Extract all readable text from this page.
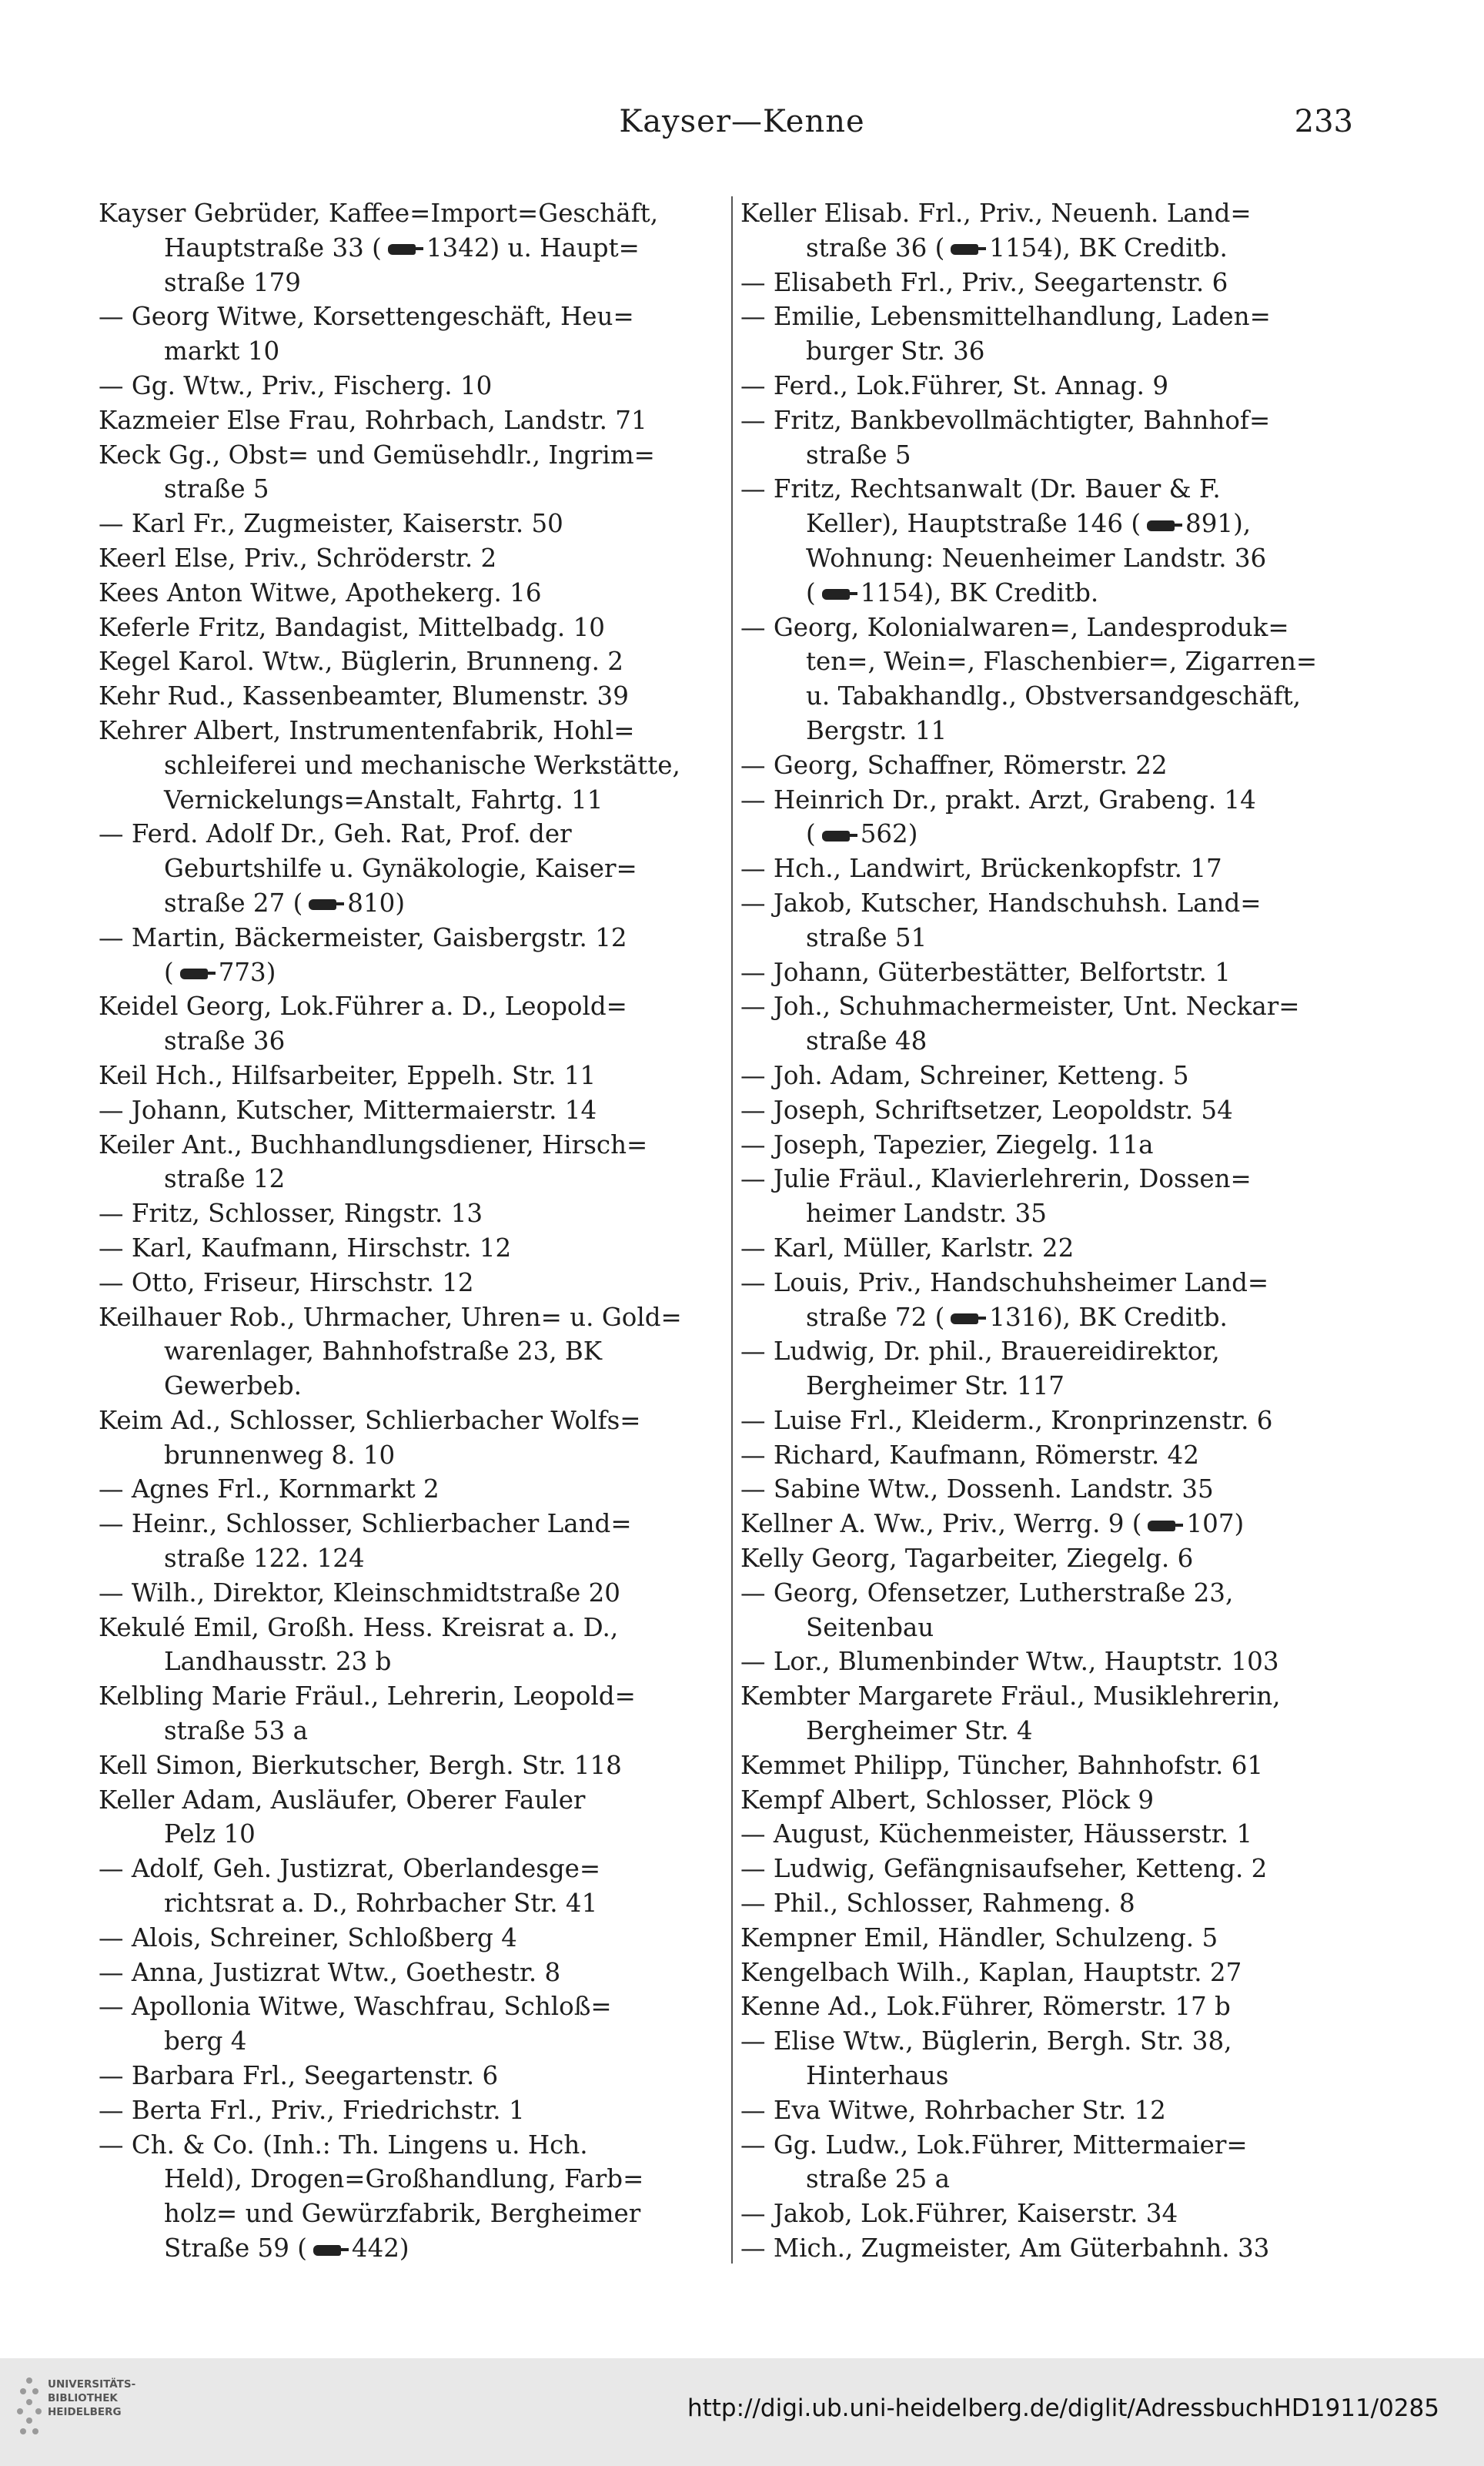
Kayser—Kenne	233
Kayser Gebrüder, Kaffee=Import=Geschäft,
Hauptstraße 33 ( 1342) u. Haupt=
straße 179
— Georg Witwe, Korsettengeschäft, Heu=
markt 10
— Gg. Wtw., Priv., Fischerg. 10
Kazmeier Else Frau, Rohrbach, Landstr. 71
Keck Gg., Obst= und Gemüsehdlr., Ingrim=
straße 5
— Karl Fr., Zugmeister, Kaiserstr. 50
Keerl Else, Priv., Schröderstr. 2
Kees Anton Witwe, Apothekerg. 16
Keferle Fritz, Bandagist, Mittelbadg. 10
Kegel Karol. Wtw., Büglerin, Brunneng. 2
Kehr Rud., Kassenbeamter, Blumenstr. 39
Kehrer Albert, Instrumentenfabrik, Hohl=
schleiferei und mechanische Werkstätte,
Vernickelungs=Anstalt, Fahrtg. 11
— Ferd. Adolf Dr., Geh. Rat, Prof. der
Geburtshilfe u. Gynäkologie, Kaiser=
straße 27 ( 810)
— Martin, Bäckermeister, Gaisbergstr. 12
( 773)
Keidel Georg, Lok.Führer a. D., Leopold=
straße 36
Keil Hch., Hilfsarbeiter, Eppelh. Str. 11
— Johann, Kutscher, Mittermaierstr. 14
Keiler Ant., Buchhandlungsdiener, Hirsch=
straße 12
— Fritz, Schlosser, Ringstr. 13
— Karl, Kaufmann, Hirschstr. 12
— Otto, Friseur, Hirschstr. 12
Keilhauer Rob., Uhrmacher, Uhren= u. Gold=
warenlager, Bahnhofstraße 23, BK
Gewerbeb.
Keim Ad., Schlosser, Schlierbacher Wolfs=
brunnenweg 8. 10
— Agnes Frl., Kornmarkt 2
— Heinr., Schlosser, Schlierbacher Land=
straße 122. 124
— Wilh., Direktor, Kleinschmidtstraße 20
Kekulé Emil, Großh. Hess. Kreisrat a. D.,
Landhausstr. 23 b
Kelbling Marie Fräul., Lehrerin, Leopold=
straße 53 a
Kell Simon, Bierkutscher, Bergh. Str. 118
Keller Adam, Ausläufer, Oberer Fauler
Pelz 10
— Adolf, Geh. Justizrat, Oberlandesge=
richtsrat a. D., Rohrbacher Str. 41
— Alois, Schreiner, Schloßberg 4
— Anna, Justizrat Wtw., Goethestr. 8
— Apollonia Witwe, Waschfrau, Schloß=
berg 4
— Barbara Frl., Seegartenstr. 6
— Berta Frl., Priv., Friedrichstr. 1
— Ch. & Co. (Inh.: Th. Lingens u. Hch.
Held), Drogen=Großhandlung, Farb=
holz= und Gewürzfabrik, Bergheimer
Straße 59 ( 442)
Keller Elisab. Frl., Priv., Neuenh. Land=
straße 36 ( 1154), BK Creditb.
— Elisabeth Frl., Priv., Seegartenstr. 6
— Emilie, Lebensmittelhandlung, Laden=
burger Str. 36
— Ferd., Lok.Führer, St. Annag. 9
— Fritz, Bankbevollmächtigter, Bahnhof=
straße 5
— Fritz, Rechtsanwalt (Dr. Bauer & F.
Keller), Hauptstraße 146 ( 891),
Wohnung: Neuenheimer Landstr. 36
( 1154), BK Creditb.
— Georg, Kolonialwaren=, Landesproduk=
ten=, Wein=, Flaschenbier=, Zigarren=
u. Tabakhandlg., Obstversandgeschäft,
Bergstr. 11
— Georg, Schaffner, Römerstr. 22
— Heinrich Dr., prakt. Arzt, Grabeng. 14
( 562)
— Hch., Landwirt, Brückenkopfstr. 17
— Jakob, Kutscher, Handschuhsh. Land=
straße 51
— Johann, Güterbestätter, Belfortstr. 1
— Joh., Schuhmachermeister, Unt. Neckar=
straße 48
— Joh. Adam, Schreiner, Ketteng. 5
— Joseph, Schriftsetzer, Leopoldstr. 54
— Joseph, Tapezier, Ziegelg. 11a
— Julie Fräul., Klavierlehrerin, Dossen=
heimer Landstr. 35
— Karl, Müller, Karlstr. 22
— Louis, Priv., Handschuhsheimer Land=
straße 72 ( 1316), BK Creditb.
— Ludwig, Dr. phil., Brauereidirektor,
Bergheimer Str. 117
— Luise Frl., Kleiderm., Kronprinzenstr. 6
— Richard, Kaufmann, Römerstr. 42
— Sabine Wtw., Dossenh. Landstr. 35
Kellner A. Ww., Priv., Werrg. 9 ( 107)
Kelly Georg, Tagarbeiter, Ziegelg. 6
— Georg, Ofensetzer, Lutherstraße 23,
Seitenbau
— Lor., Blumenbinder Wtw., Hauptstr. 103
Kembter Margarete Fräul., Musiklehrerin,
Bergheimer Str. 4
Kemmet Philipp, Tüncher, Bahnhofstr. 61
Kempf Albert, Schlosser, Plöck 9
— August, Küchenmeister, Häusserstr. 1
— Ludwig, Gefängnisaufseher, Ketteng. 2
— Phil., Schlosser, Rahmeng. 8
Kempner Emil, Händler, Schulzeng. 5
Kengelbach Wilh., Kaplan, Hauptstr. 27
Kenne Ad., Lok.Führer, Römerstr. 17 b
— Elise Wtw., Büglerin, Bergh. Str. 38,
Hinterhaus
— Eva Witwe, Rohrbacher Str. 12
— Gg. Ludw., Lok.Führer, Mittermaier=
straße 25 a
— Jakob, Lok.Führer, Kaiserstr. 34
— Mich., Zugmeister, Am Güterbahnh. 33
UNIVERSITÄTS-
BIBLIOTHEK
HEIDELBERG	http://digi.ub.uni-heidelberg.de/diglit/AdressbuchHD1911/0285
